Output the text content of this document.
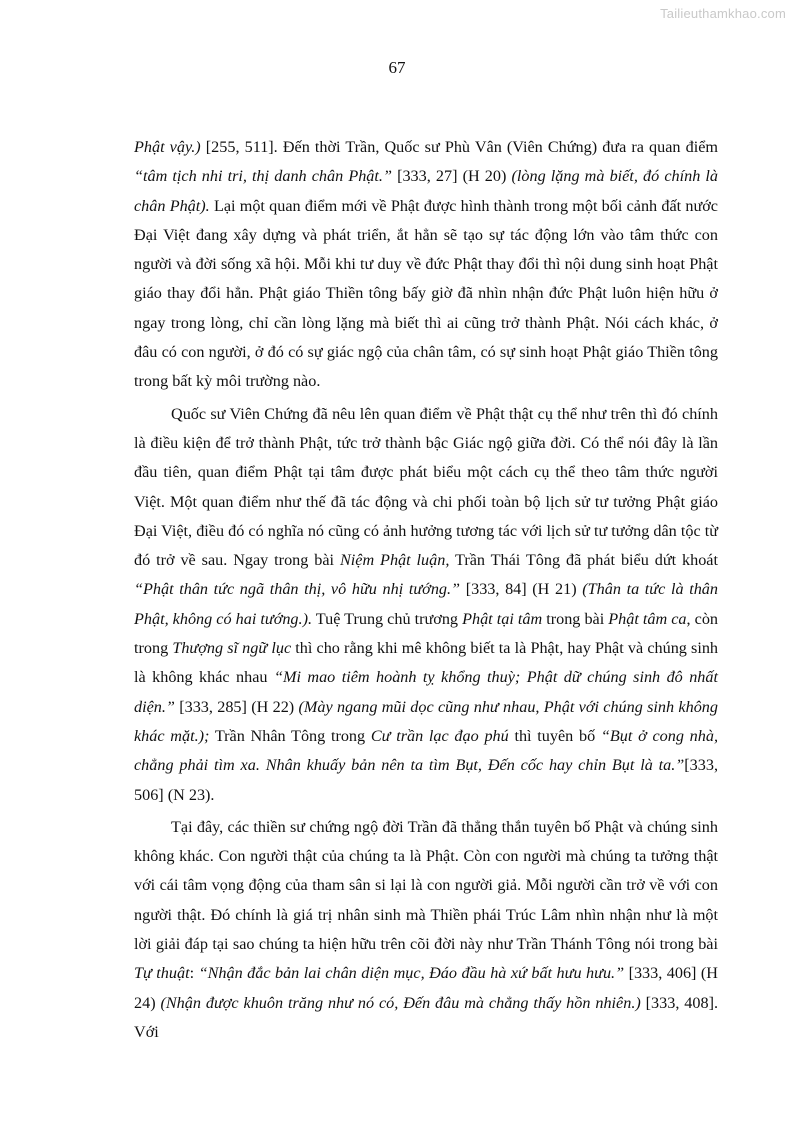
Tailieuthamkhao.com
67

Phật vậy.) [255, 511]. Đến thời Trần, Quốc sư Phù Vân (Viên Chứng) đưa ra quan điểm “tâm tịch nhi tri, thị danh chân Phật.” [333, 27] (H 20) (lòng lặng mà biết, đó chính là chân Phật). Lại một quan điểm mới về Phật được hình thành trong một bối cảnh đất nước Đại Việt đang xây dựng và phát triển, ắt hẳn sẽ tạo sự tác động lớn vào tâm thức con người và đời sống xã hội. Mỗi khi tư duy về đức Phật thay đổi thì nội dung sinh hoạt Phật giáo thay đổi hẳn. Phật giáo Thiền tông bấy giờ đã nhìn nhận đức Phật luôn hiện hữu ở ngay trong lòng, chỉ cần lòng lặng mà biết thì ai cũng trở thành Phật. Nói cách khác, ở đâu có con người, ở đó có sự giác ngộ của chân tâm, có sự sinh hoạt Phật giáo Thiền tông trong bất kỳ môi trường nào.

Quốc sư Viên Chứng đã nêu lên quan điểm về Phật thật cụ thể như trên thì đó chính là điều kiện để trở thành Phật, tức trở thành bậc Giác ngộ giữa đời. Có thể nói đây là lần đầu tiên, quan điểm Phật tại tâm được phát biểu một cách cụ thể theo tâm thức người Việt. Một quan điểm như thế đã tác động và chi phối toàn bộ lịch sử tư tưởng Phật giáo Đại Việt, điều đó có nghĩa nó cũng có ảnh hưởng tương tác với lịch sử tư tưởng dân tộc từ đó trở về sau. Ngay trong bài Niệm Phật luận, Trần Thái Tông đã phát biểu dứt khoát “Phật thân tức ngã thân thị, vô hữu nhị tướng.” [333, 84] (H 21) (Thân ta tức là thân Phật, không có hai tướng.). Tuệ Trung chủ trương Phật tại tâm trong bài Phật tâm ca, còn trong Thượng sĩ ngữ lục thì cho rằng khi mê không biết ta là Phật, hay Phật và chúng sinh là không khác nhau “Mi mao tiêm hoành tỵ khổng thuỳ; Phật dữ chúng sinh đô nhất diện.” [333, 285] (H 22) (Mày ngang mũi dọc cũng như nhau, Phật với chúng sinh không khác mặt.); Trần Nhân Tông trong Cư trần lạc đạo phú thì tuyên bố “Bụt ở cong nhà, chẳng phải tìm xa. Nhân khuấy bản nên ta tìm Bụt, Đến cốc hay chỉn Bụt là ta.”[333, 506] (N 23).

Tại đây, các thiền sư chứng ngộ đời Trần đã thẳng thắn tuyên bố Phật và chúng sinh không khác. Con người thật của chúng ta là Phật. Còn con người mà chúng ta tưởng thật với cái tâm vọng động của tham sân si lại là con người giả. Mỗi người cần trở về với con người thật. Đó chính là giá trị nhân sinh mà Thiền phái Trúc Lâm nhìn nhận như là một lời giải đáp tại sao chúng ta hiện hữu trên cõi đời này như Trần Thánh Tông nói trong bài Tự thuật: “Nhận đắc bản lai chân diện mục, Đáo đầu hà xứ bất hưu hưu.” [333, 406] (H 24) (Nhận được khuôn trăng như nó có, Đến đâu mà chẳng thấy hồn nhiên.) [333, 408]. Với
